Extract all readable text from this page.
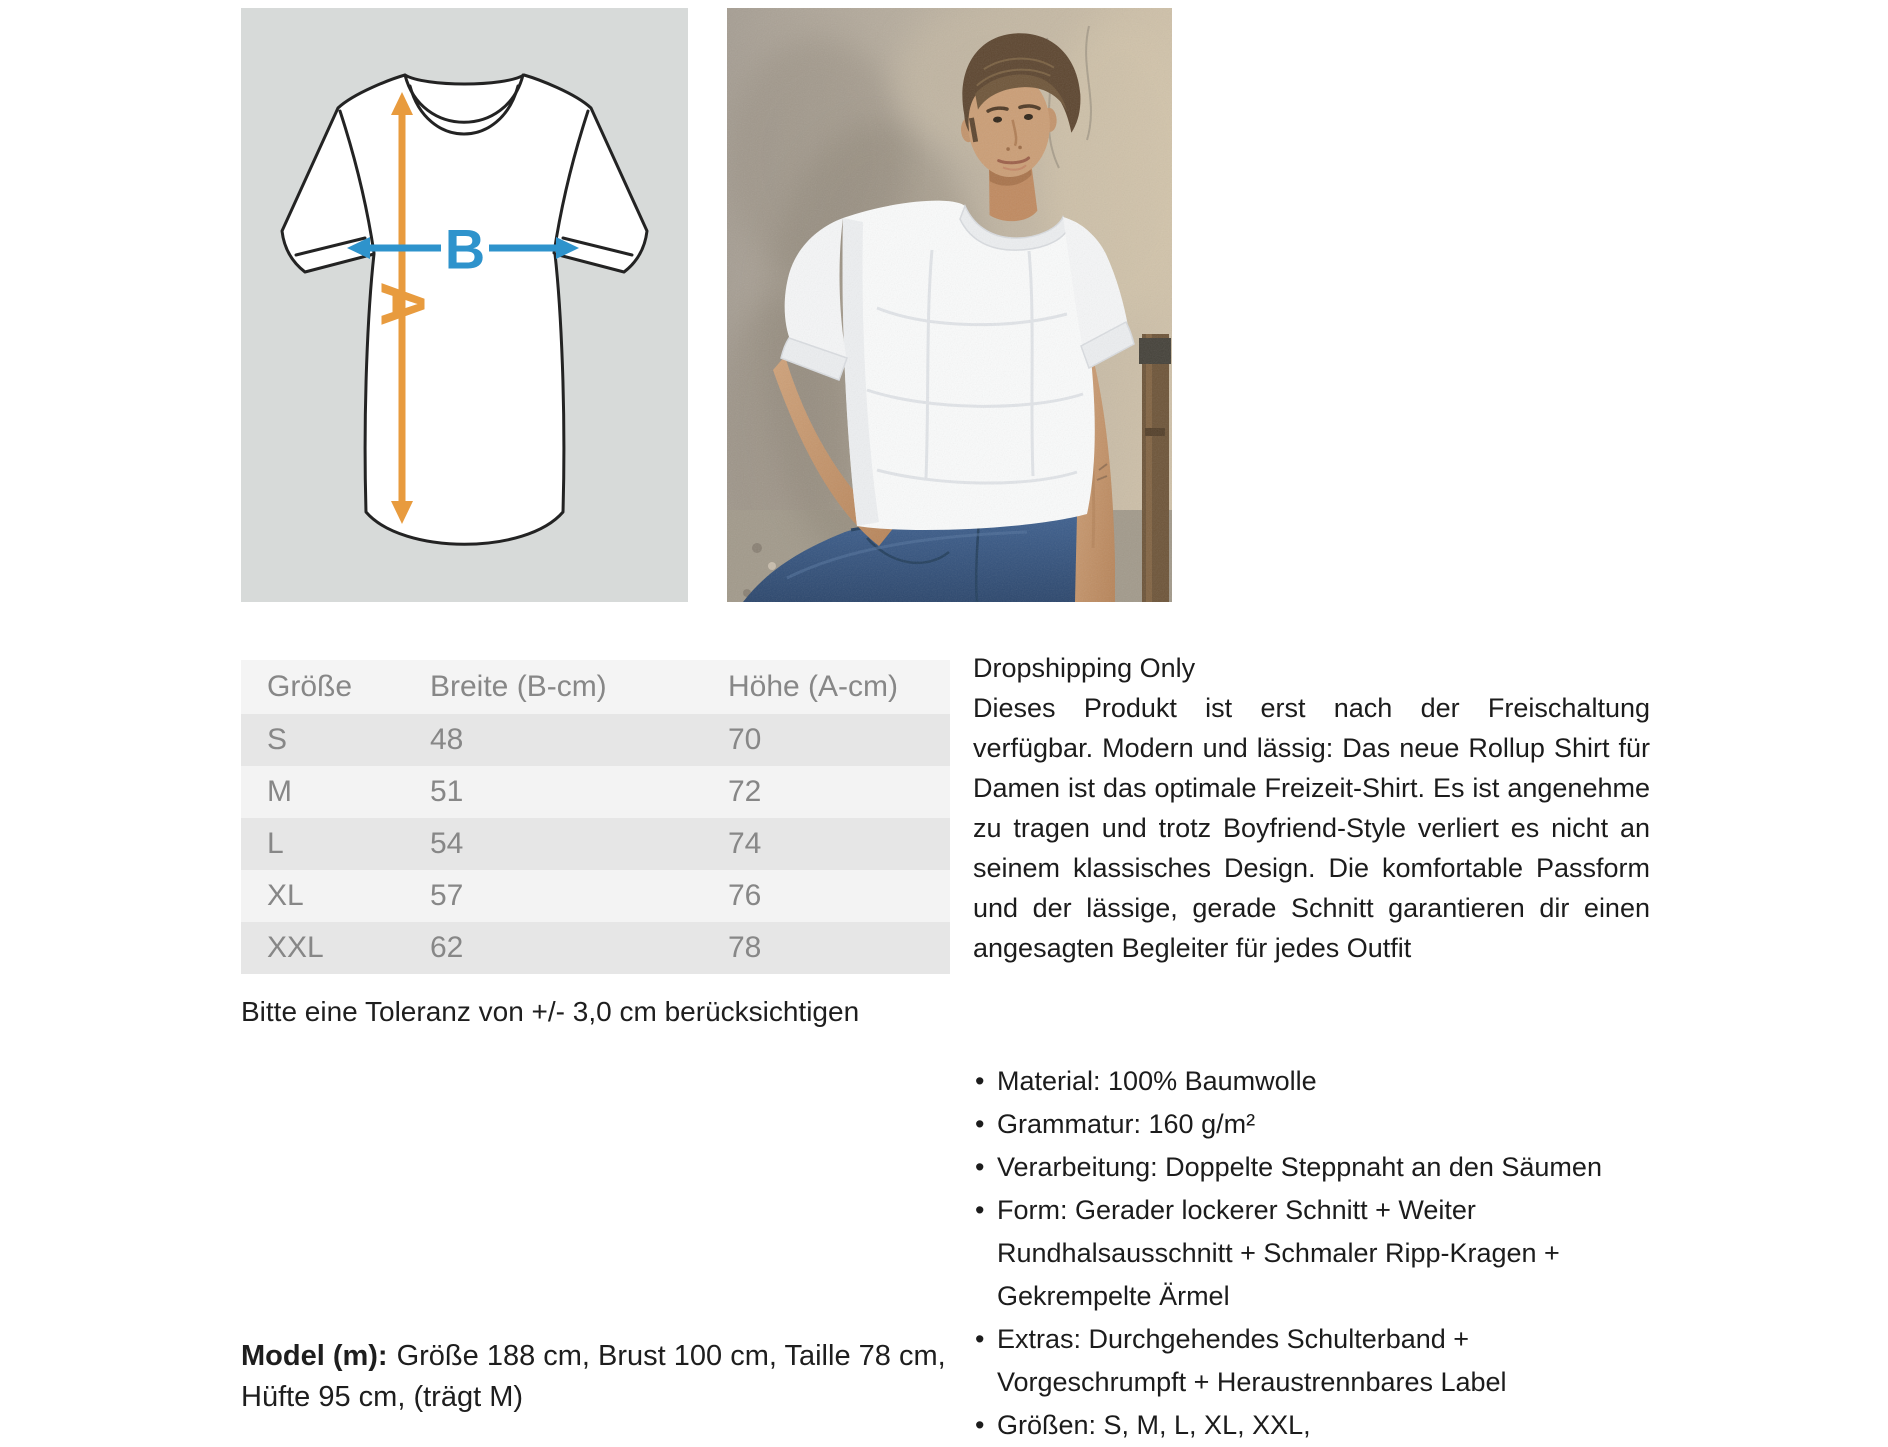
A
B
Größe	Breite (B-cm)	Höhe (A-cm)
S	48	70
M	51	72
L	54	74
XL	57	76
XXL	62	78
Bitte eine Toleranz von +/- 3,0 cm berücksichtigen
Model (m): Größe 188 cm, Brust 100 cm, Taille 78 cm, Hüfte 95 cm, (trägt M)
Dropshipping Only
Dieses Produkt ist erst nach der Freischaltung verfügbar. Modern und lässig: Das neue Rollup Shirt für Damen ist das optimale Freizeit-Shirt. Es ist angenehme zu tragen und trotz Boyfriend-Style verliert es nicht an seinem klassisches Design. Die komfortable Passform und der lässige, gerade Schnitt garantieren dir einen angesagten Begleiter für jedes Outfit
• Material: 100% Baumwolle
• Grammatur: 160 g/m²
• Verarbeitung: Doppelte Steppnaht an den Säumen
• Form: Gerader lockerer Schnitt + Weiter Rundhalsausschnitt + Schmaler Ripp-Kragen + Gekrempelte Ärmel
• Extras: Durchgehendes Schulterband + Vorgeschrumpft + Heraustrennbares Label
• Größen: S, M, L, XL, XXL,
